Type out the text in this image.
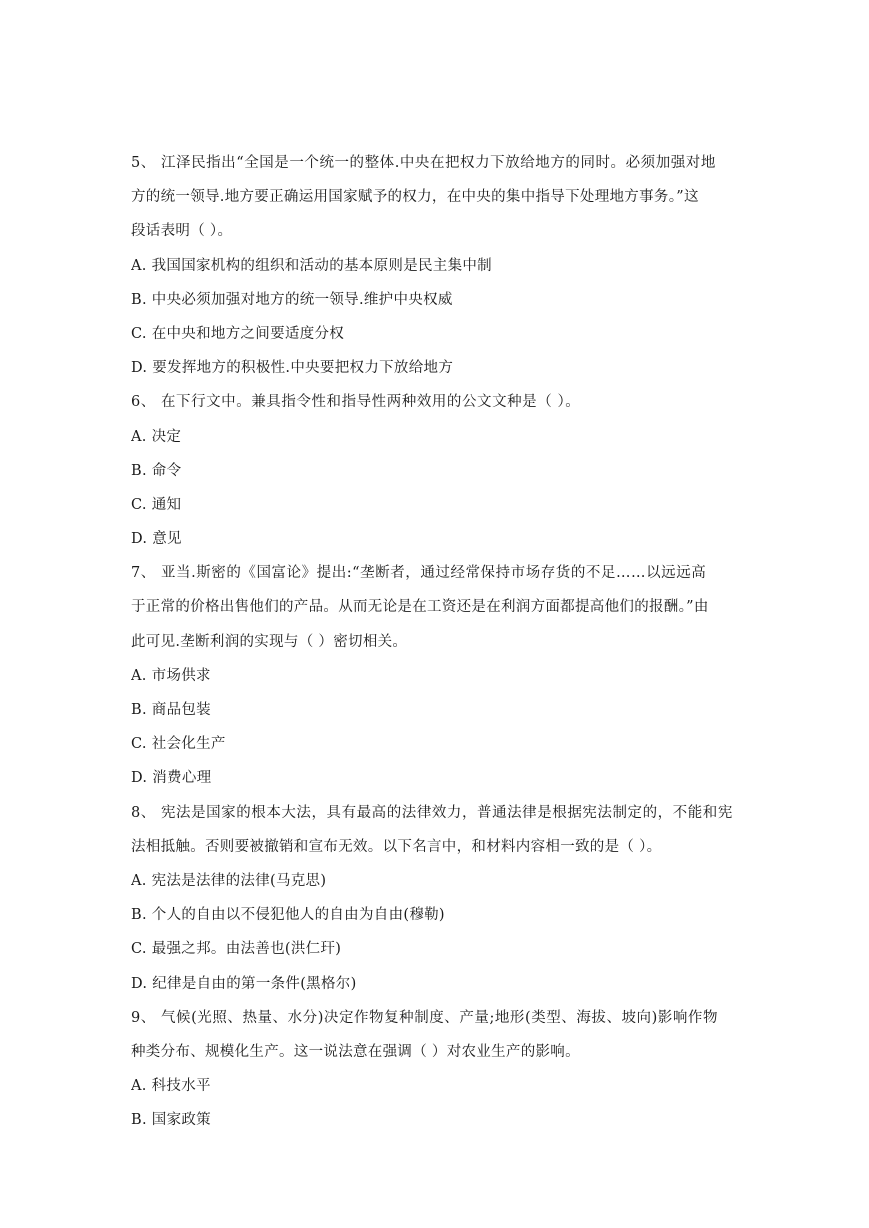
5、 江泽民指出“全国是一个统一的整体.中央在把权力下放给地方的同时。必须加强对地
方的统一领导.地方要正确运用国家赋予的权力，在中央的集中指导下处理地方事务。”这
段话表明（ ）。
A. 我国国家机构的组织和活动的基本原则是民主集中制
B. 中央必须加强对地方的统一领导.维护中央权威
C. 在中央和地方之间要适度分权
D. 要发挥地方的积极性.中央要把权力下放给地方
6、 在下行文中。兼具指令性和指导性两种效用的公文文种是（ ）。
A. 决定
B. 命令
C. 通知
D. 意见
7、 亚当.斯密的《国富论》提出:“垄断者，通过经常保持市场存货的不足……以远远高
于正常的价格出售他们的产品。从而无论是在工资还是在利润方面都提高他们的报酬。”由
此可见.垄断利润的实现与（ ）密切相关。
A. 市场供求
B. 商品包装
C. 社会化生产
D. 消费心理
8、 宪法是国家的根本大法，具有最高的法律效力，普通法律是根据宪法制定的，不能和宪
法相抵触。否则要被撤销和宣布无效。以下名言中，和材料内容相一致的是（ ）。
A. 宪法是法律的法律(马克思)
B. 个人的自由以不侵犯他人的自由为自由(穆勒)
C. 最强之邦。由法善也(洪仁玕)
D. 纪律是自由的第一条件(黑格尔)
9、 气候(光照、热量、水分)决定作物复种制度、产量;地形(类型、海拔、坡向)影响作物
种类分布、规模化生产。这一说法意在强调（ ）对农业生产的影响。
A. 科技水平
B. 国家政策
